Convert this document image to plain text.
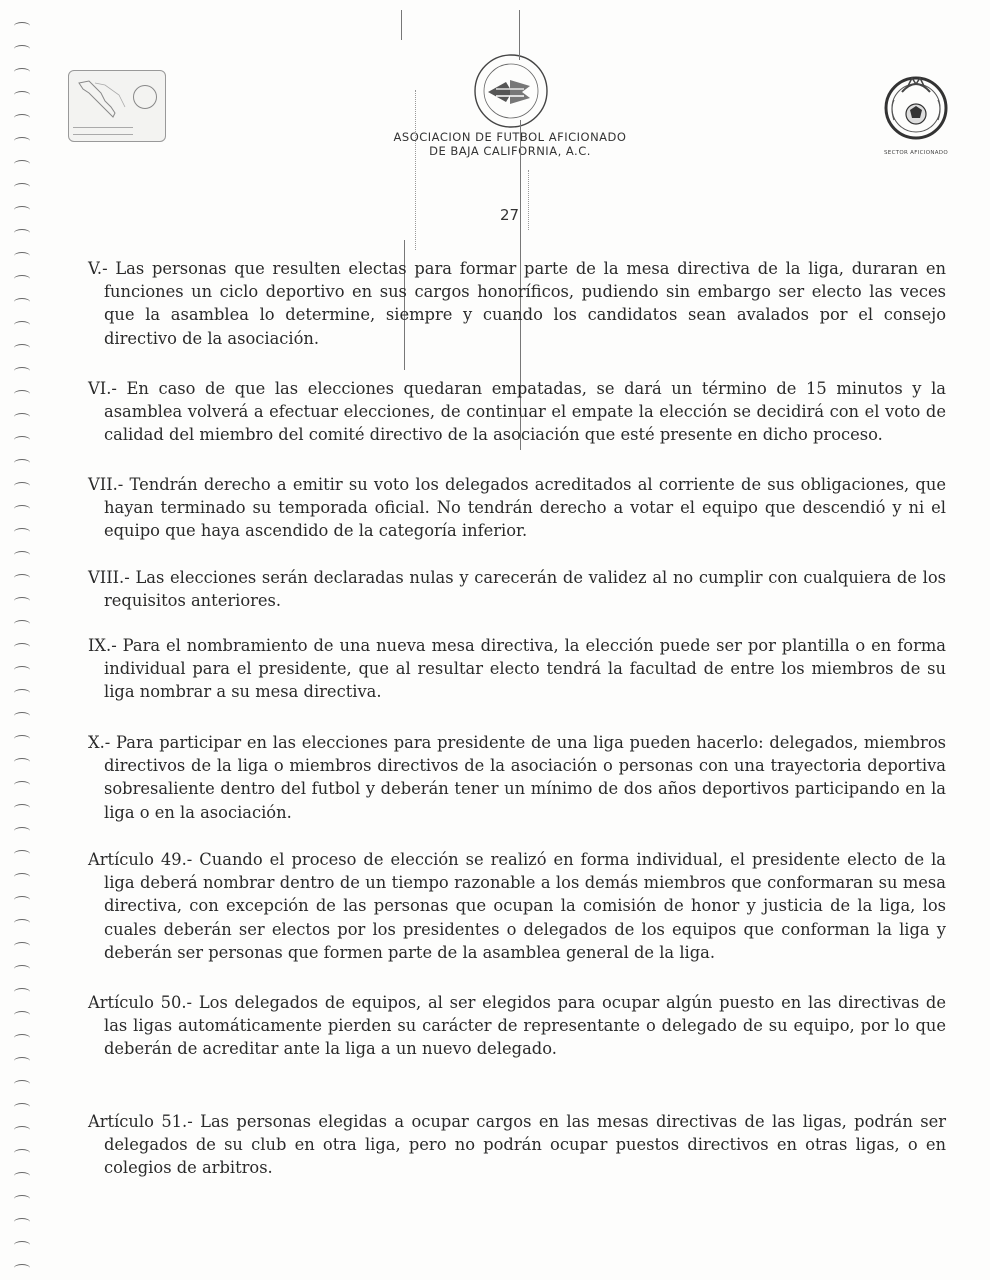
ASOCIACION DE FUTBOL AFICIONADO
DE BAJA CALIFORNIA, A.C.	SECTOR AFICIONADO
27
V.- Las personas que resulten electas para formar parte de la mesa directiva de la liga, duraran en funciones un ciclo deportivo en sus cargos honoríficos, pudiendo sin embargo ser electo las veces que la asamblea lo determine, siempre y cuando los candidatos sean avalados por el consejo directivo de la asociación.
VI.- En caso de que las elecciones quedaran empatadas, se dará un término de 15 minutos y la asamblea volverá a efectuar elecciones, de continuar el empate la elección se decidirá con el voto de calidad del miembro del comité directivo de la asociación que esté presente en dicho proceso.
VII.- Tendrán derecho a emitir su voto los delegados acreditados al corriente de sus obligaciones, que hayan terminado su temporada oficial. No tendrán derecho a votar el equipo que descendió y ni el equipo que haya ascendido de la categoría inferior.
VIII.- Las elecciones serán declaradas nulas y carecerán de validez al no cumplir con cualquiera de los requisitos anteriores.
IX.- Para el nombramiento de una nueva mesa directiva, la elección puede ser por plantilla o en forma individual para el presidente, que al resultar electo tendrá la facultad de entre los miembros de su liga nombrar a su mesa directiva.
X.- Para participar en las elecciones para presidente de una liga pueden hacerlo: delegados, miembros directivos de la liga o miembros directivos de la asociación o personas con una trayectoria deportiva sobresaliente dentro del futbol y deberán tener un mínimo de dos años deportivos participando en la liga o en la asociación.
Artículo 49.- Cuando el proceso de elección se realizó en forma individual, el presidente electo de la liga deberá nombrar dentro de un tiempo razonable a los demás miembros que conformaran su mesa directiva, con excepción de las personas que ocupan la comisión de honor y justicia de la liga, los cuales deberán ser electos por los presidentes o delegados de los equipos que conforman la liga y deberán ser personas que formen parte de la asamblea general de la liga.
Artículo 50.- Los delegados de equipos, al ser elegidos para ocupar algún puesto en las directivas de las ligas automáticamente pierden su carácter de representante o delegado de su equipo, por lo que deberán de acreditar ante la liga a un nuevo delegado.
Artículo 51.- Las personas elegidas a ocupar cargos en las mesas directivas de las ligas, podrán ser delegados de su club en otra liga, pero no podrán ocupar puestos directivos en otras ligas, o en colegios de arbitros.
